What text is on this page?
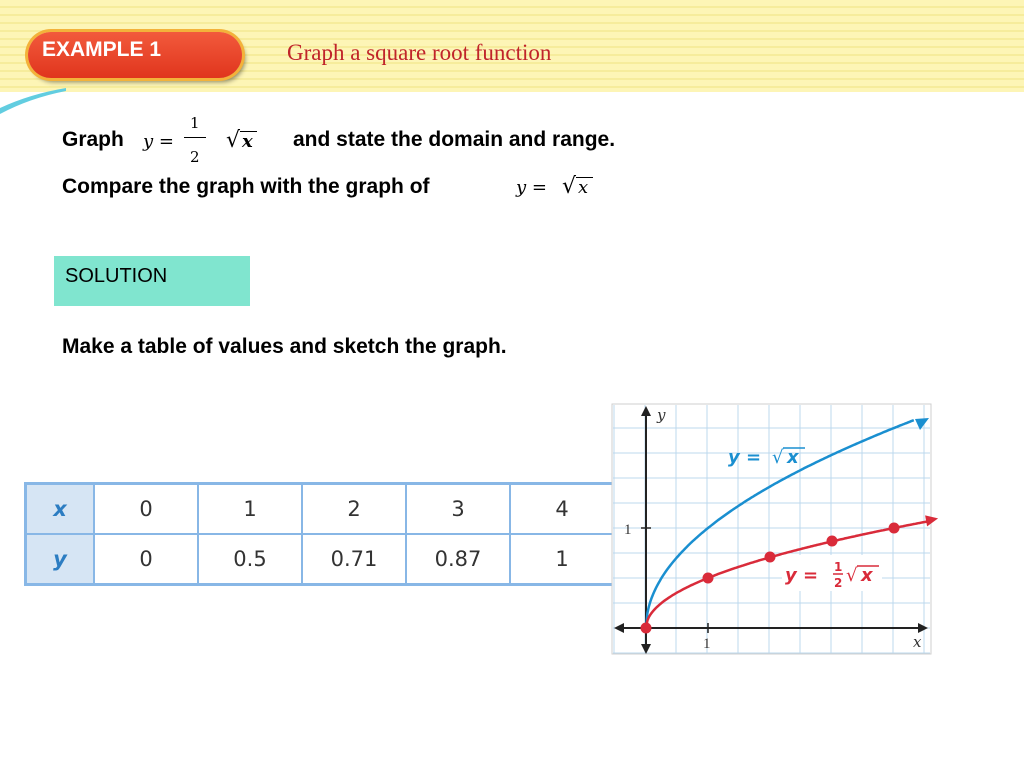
EXAMPLE 1	Graph a square root function
Graph y =
1
2
√ x and state the domain and range.
Compare the graph with the graph of	y = √ x
SOLUTION
Make a table of values and sketch the graph.
x	0	1	2	3	4
y	0	0.5	0.71	0.87	1
x
y
1
1
y = √ x
y = 1
2 √ x
